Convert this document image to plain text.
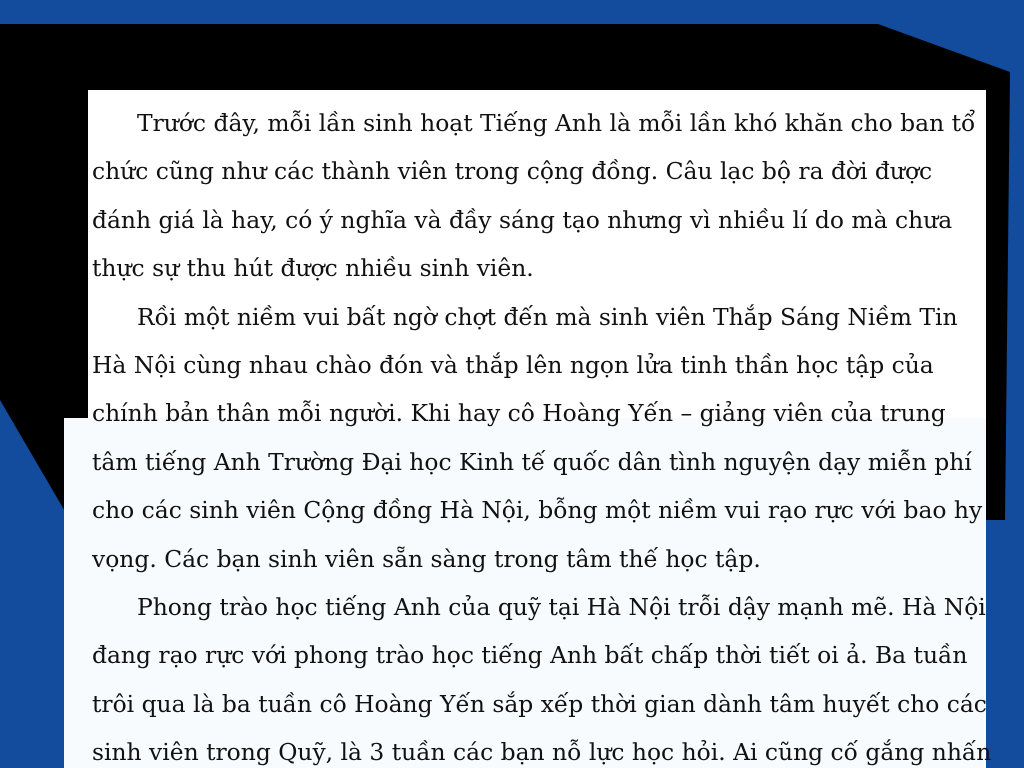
Trước đây, mỗi lần sinh hoạt Tiếng Anh là mỗi lần khó khăn cho ban tổ
chức cũng như các thành viên trong cộng đồng. Câu lạc bộ ra đời được
đánh giá là hay, có ý nghĩa và đầy sáng tạo nhưng vì nhiều lí do mà chưa
thực sự thu hút được nhiều sinh viên.
Rồi một niềm vui bất ngờ chợt đến mà sinh viên Thắp Sáng Niềm Tin
Hà Nội cùng nhau chào đón và thắp lên ngọn lửa tinh thần học tập của
chính bản thân mỗi người. Khi hay cô Hoàng Yến – giảng viên của trung
tâm tiếng Anh Trường Đại học Kinh tế quốc dân tình nguyện dạy miễn phí
cho các sinh viên Cộng đồng Hà Nội, bỗng một niềm vui rạo rực với bao hy
vọng. Các bạn sinh viên sẵn sàng trong tâm thế học tập.
Phong trào học tiếng Anh của quỹ tại Hà Nội trỗi dậy mạnh mẽ. Hà Nội
đang rạo rực với phong trào học tiếng Anh bất chấp thời tiết oi ả. Ba tuần
trôi qua là ba tuần cô Hoàng Yến sắp xếp thời gian dành tâm huyết cho các
sinh viên trong Quỹ, là 3 tuần các bạn nỗ lực học hỏi. Ai cũng cố gắng nhấn
